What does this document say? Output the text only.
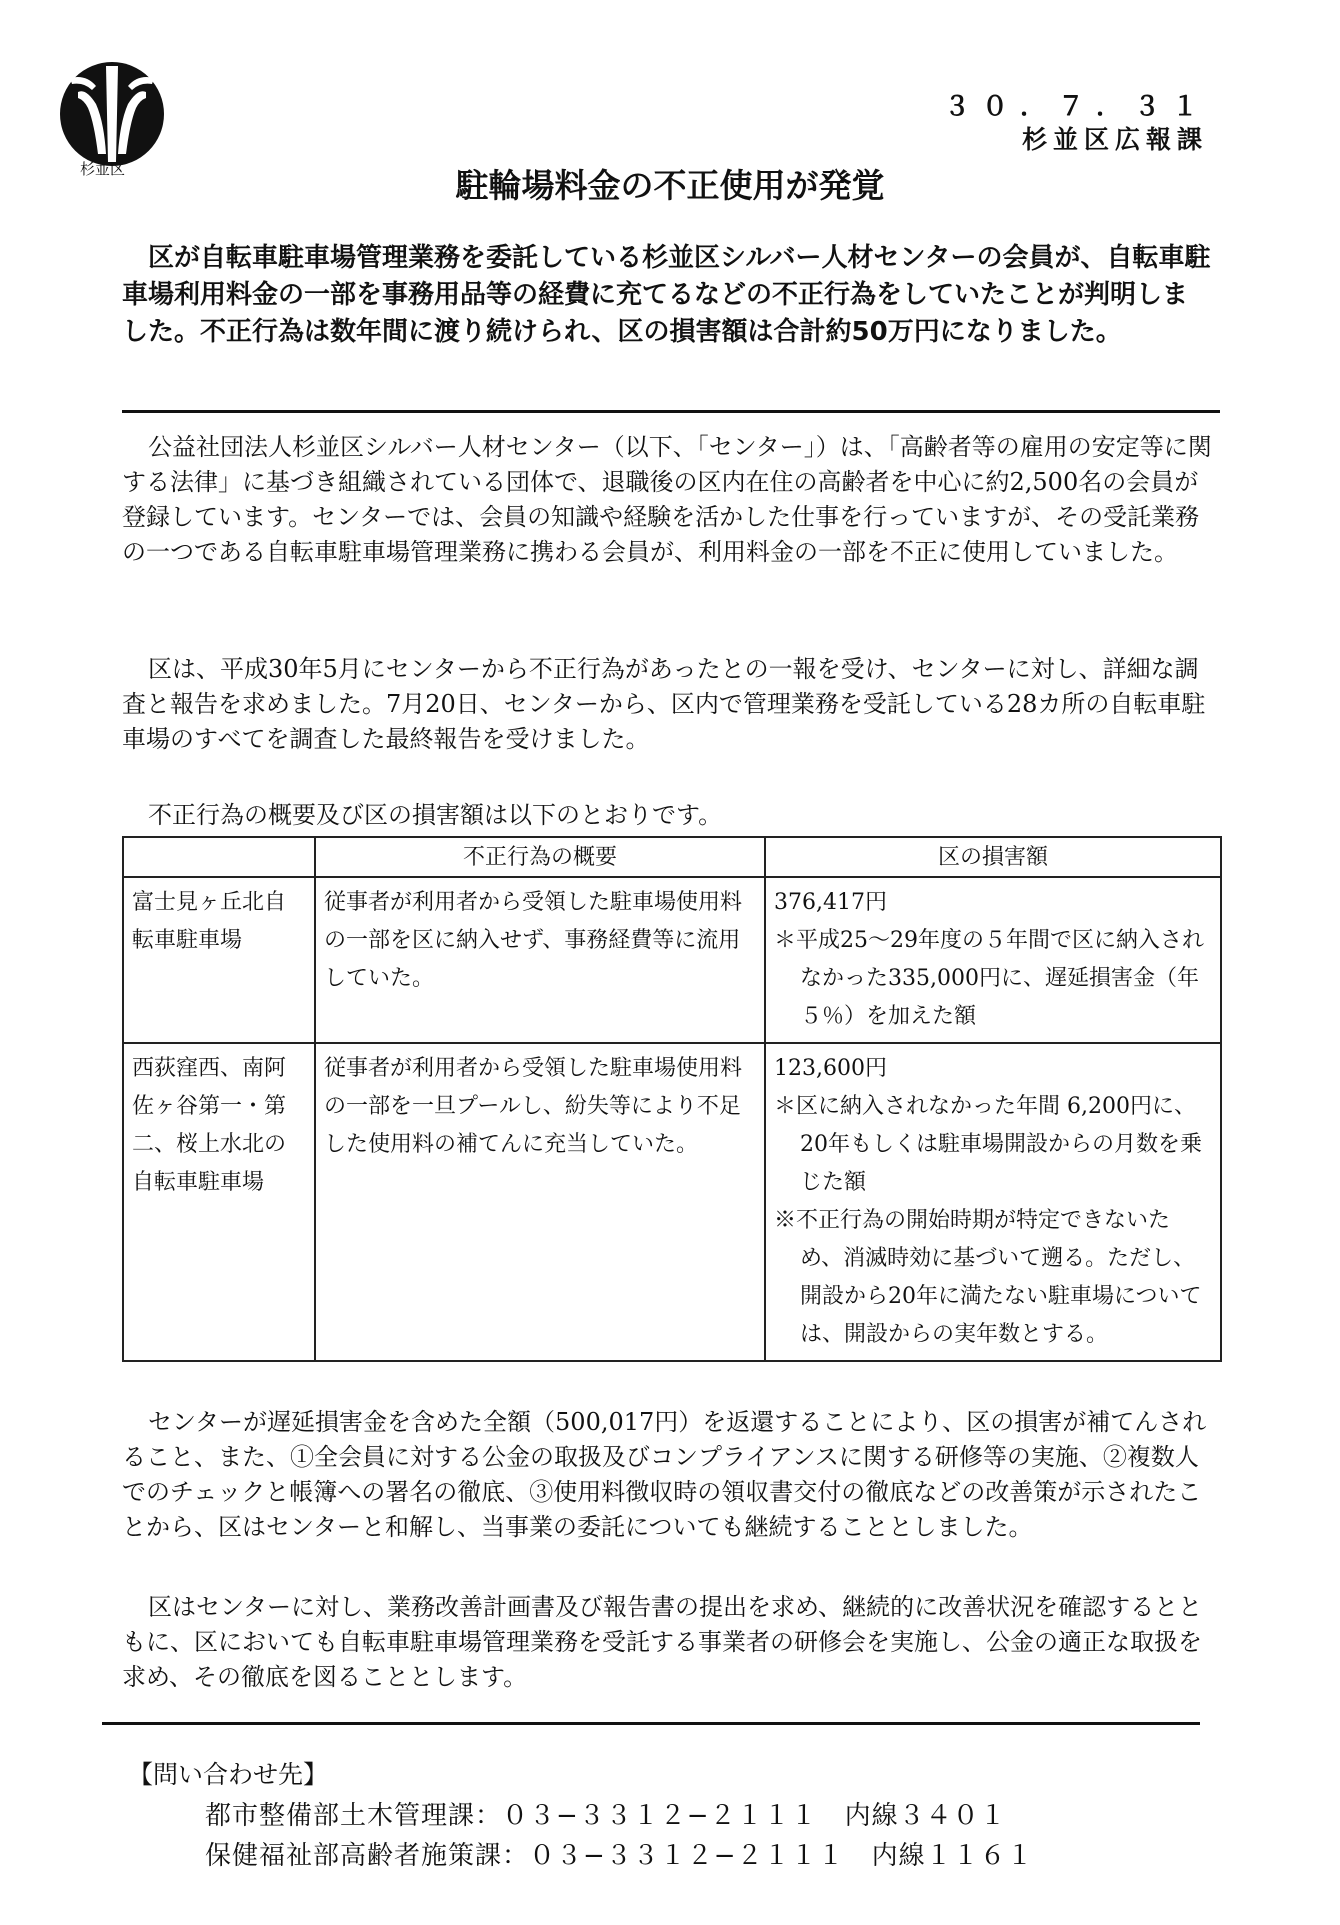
杉並区
３０．７．３１
杉並区広報課
駐輪場料金の不正使用が発覚

区が自転車駐車場管理業務を委託している杉並区シルバー人材センターの会員が、自転車駐車場利用料金の一部を事務用品等の経費に充てるなどの不正行為をしていたことが判明しました。不正行為は数年間に渡り続けられ、区の損害額は合計約50万円になりました。

公益社団法人杉並区シルバー人材センター（以下、「センター」）は、「高齢者等の雇用の安定等に関する法律」に基づき組織されている団体で、退職後の区内在住の高齢者を中心に約2,500名の会員が登録しています。センターでは、会員の知識や経験を活かした仕事を行っていますが、その受託業務の一つである自転車駐車場管理業務に携わる会員が、利用料金の一部を不正に使用していました。

区は、平成30年5月にセンターから不正行為があったとの一報を受け、センターに対し、詳細な調査と報告を求めました。7月20日、センターから、区内で管理業務を受託している28カ所の自転車駐車場のすべてを調査した最終報告を受けました。

不正行為の概要及び区の損害額は以下のとおりです。

	不正行為の概要	区の損害額
富士見ヶ丘北自転車駐車場	従事者が利用者から受領した駐車場使用料の一部を区に納入せず、事務経費等に流用していた。	376,417円
＊平成25〜29年度の５年間で区に納入されなかった335,000円に、遅延損害金（年５％）を加えた額

西荻窪西、南阿佐ヶ谷第一・第二、桜上水北の自転車駐車場	従事者が利用者から受領した駐車場使用料の一部を一旦プールし、紛失等により不足した使用料の補てんに充当していた。	123,600円
＊区に納入されなかった年間 6,200円に、20年もしくは駐車場開設からの月数を乗じた額
※不正行為の開始時期が特定できないため、消滅時効に基づいて遡る。ただし、開設から20年に満たない駐車場については、開設からの実年数とする。

センターが遅延損害金を含めた全額（500,017円）を返還することにより、区の損害が補てんされること、また、①全会員に対する公金の取扱及びコンプライアンスに関する研修等の実施、②複数人でのチェックと帳簿への署名の徹底、③使用料徴収時の領収書交付の徹底などの改善策が示されたことから、区はセンターと和解し、当事業の委託についても継続することとしました。

区はセンターに対し、業務改善計画書及び報告書の提出を求め、継続的に改善状況を確認するとともに、区においても自転車駐車場管理業務を受託する事業者の研修会を実施し、公金の適正な取扱を求め、その徹底を図ることとします。

【問い合わせ先】
都市整備部土木管理課：０３−３３１２−２１１１　内線３４０１
保健福祉部高齢者施策課：０３−３３１２−２１１１　内線１１６１
